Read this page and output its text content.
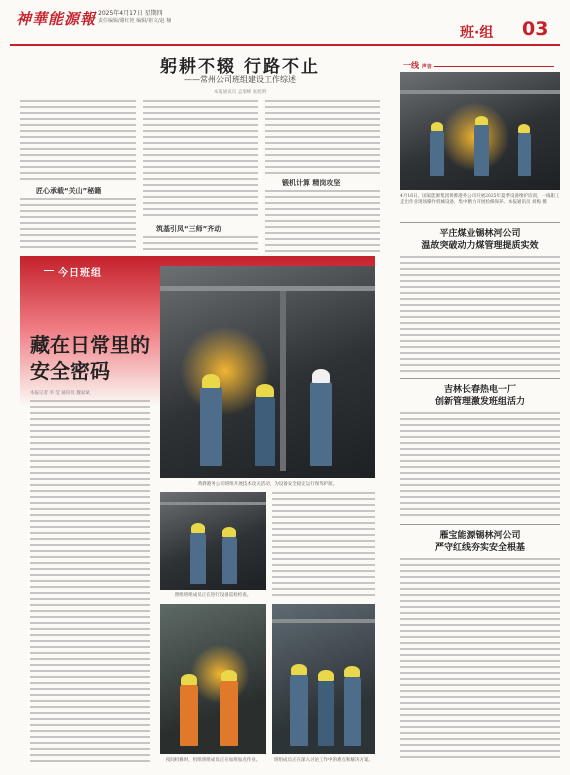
神華能源報 2025年4月17日 星期四
责任编辑/谢红艳 编辑/祖文/赵 楠
班·组 03
躬耕不辍 行路不止
——常州公司班组建设工作综述
本报通讯员 孟瑞峰 张旭明
匠心承载“关山”秘籍
筑基引凤“三师”齐动
锻机计算 精岗攻坚
一线 声音
4月16日，国家能源集团黄骅港务公司开展2025年夏季设备维护培训，一线职工走出作业现场操作机械设备，集中精力开展检修保养。本报通讯员 刘梅 摄
平庄煤业锡林河公司
温故突破动力煤管理提质实效
吉林长春热电一厂
创新管理激发班组活力
雁宝能源锡林河公司
严守红线夯实安全根基
今日班组
藏在日常里的安全密码
本报记者 李 莹 通讯员 魏家斌
黄骅港务公司班组开展技术攻关活动，为设备安全稳定运行保驾护航。
照组班组成员正在进行设备巡检检查。
夜间检修时，机组班组成员正在加班加点作业。	班组成员正在深入讨论工作中的难点和解决方案。
